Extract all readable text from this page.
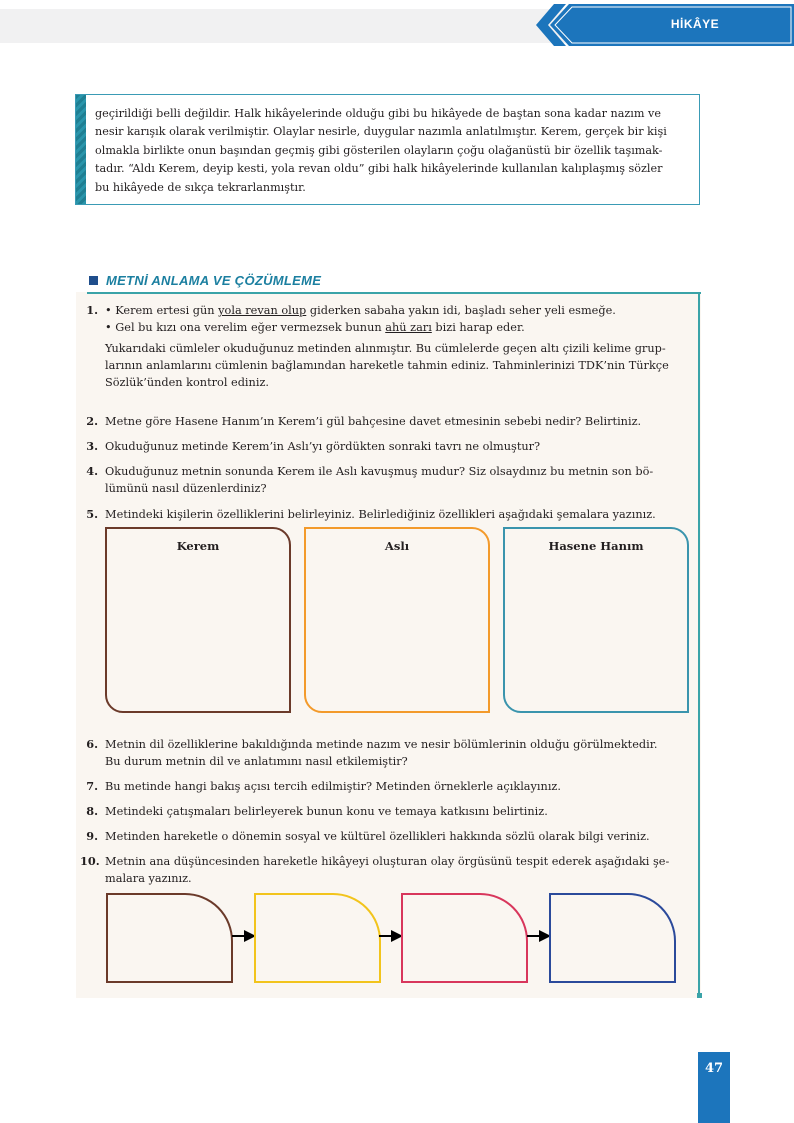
HİKÂYE
geçirildiği belli değildir. Halk hikâyelerinde olduğu gibi bu hikâyede de baştan sona kadar nazım ve
nesir karışık olarak verilmiştir. Olaylar nesirle, duygular nazımla anlatılmıştır. Kerem, gerçek bir kişi
olmakla birlikte onun başından geçmiş gibi gösterilen olayların çoğu olağanüstü bir özellik taşımak-
tadır. “Aldı Kerem, deyip kesti, yola revan oldu” gibi halk hikâyelerinde kullanılan kalıplaşmış sözler
bu hikâyede de sıkça tekrarlanmıştır.
METNİ ANLAMA VE ÇÖZÜMLEME
1. • Kerem ertesi gün yola revan olup giderken sabaha yakın idi, başladı seher yeli esmeğe.

• Gel bu kızı ona verelim eğer vermezsek bunun ahü zarı bizi harap eder.

Yukarıdaki cümleler okuduğunuz metinden alınmıştır. Bu cümlelerde geçen altı çizili kelime grup-

larının anlamlarını cümlenin bağlamından hareketle tahmin ediniz. Tahminlerinizi TDK’nin Türkçe

Sözlük’ünden kontrol ediniz.

2. Metne göre Hasene Hanım’ın Kerem’i gül bahçesine davet etmesinin sebebi nedir? Belirtiniz.
3. Okuduğunuz metinde Kerem’in Aslı’yı gördükten sonraki tavrı ne olmuştur?
4. Okuduğunuz metnin sonunda Kerem ile Aslı kavuşmuş mudur? Siz olsaydınız bu metnin son bö-

lümünü nasıl düzenlerdiniz?

5. Metindeki kişilerin özelliklerini belirleyiniz. Belirlediğiniz özellikleri aşağıdaki şemalara yazınız.
Kerem	Aslı	Hasene Hanım
6. Metnin dil özelliklerine bakıldığında metinde nazım ve nesir bölümlerinin olduğu görülmektedir.

Bu durum metnin dil ve anlatımını nasıl etkilemiştir?

7. Bu metinde hangi bakış açısı tercih edilmiştir? Metinden örneklerle açıklayınız.
8. Metindeki çatışmaları belirleyerek bunun konu ve temaya katkısını belirtiniz.
9. Metinden hareketle o dönemin sosyal ve kültürel özellikleri hakkında sözlü olarak bilgi veriniz.
10. Metnin ana düşüncesinden hareketle hikâyeyi oluşturan olay örgüsünü tespit ederek aşağıdaki şe-

malara yazınız.

47
